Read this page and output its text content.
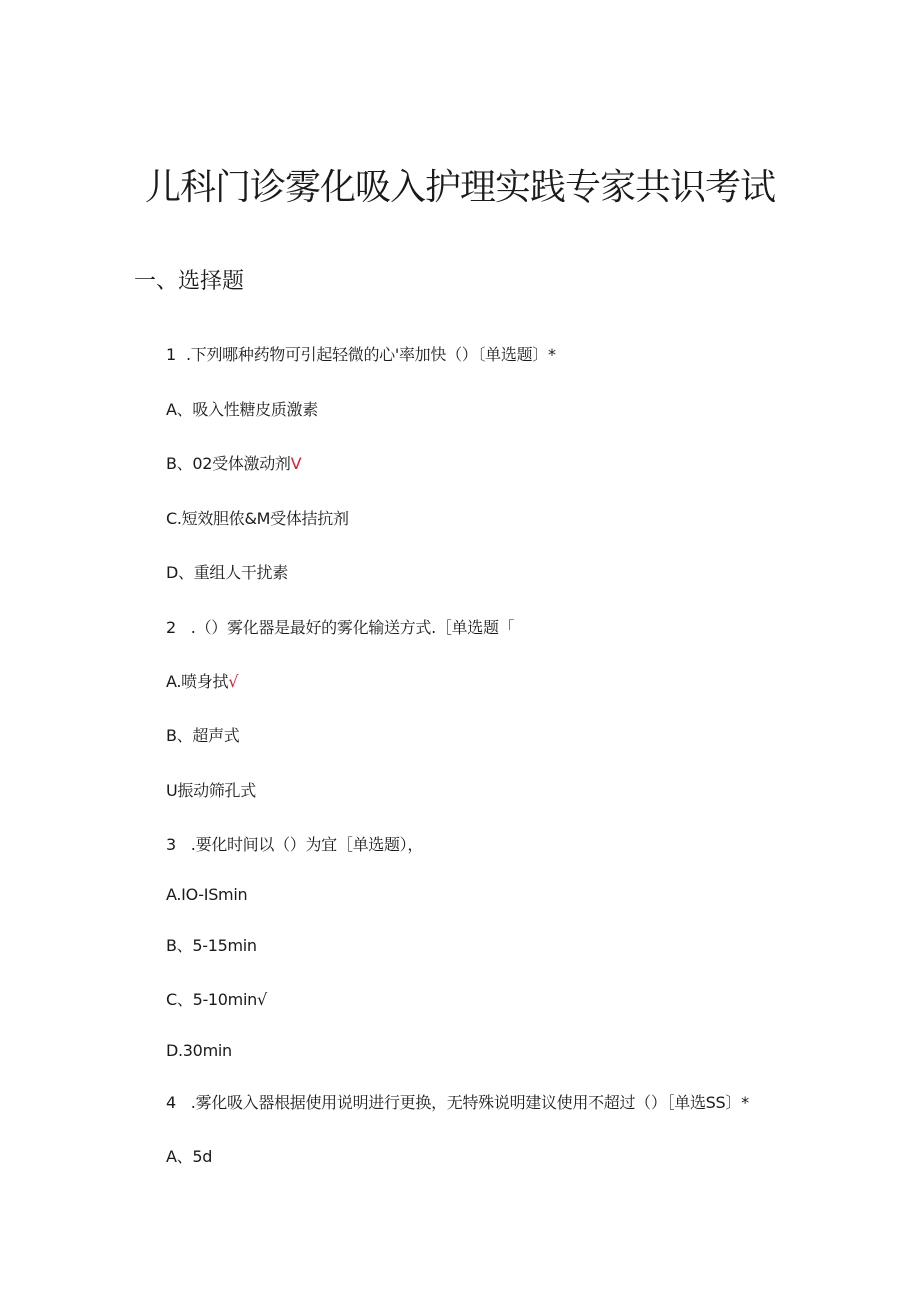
儿科门诊雾化吸入护理实践专家共识考试
一、选择题
1 .下列哪种药物可引起轻微的心'率加快（）〔单选题〕*
A、吸入性糖皮质激素
B、02受体激动剂V
C.短效胆侬&M受体拮抗剂
D、重组人干扰素
2 .（）雾化器是最好的雾化输送方式.［单选题「
A.喷身拭√
B、超声式
U振动筛孔式
3 .要化时间以（）为宜［单选题），
A.IO-ISmin
B、5-15min
C、5-10min√
D.30min
4 .雾化吸入器根据使用说明进行更换，无特殊说明建议使用不超过（）［单选SS〕*
A、5d
